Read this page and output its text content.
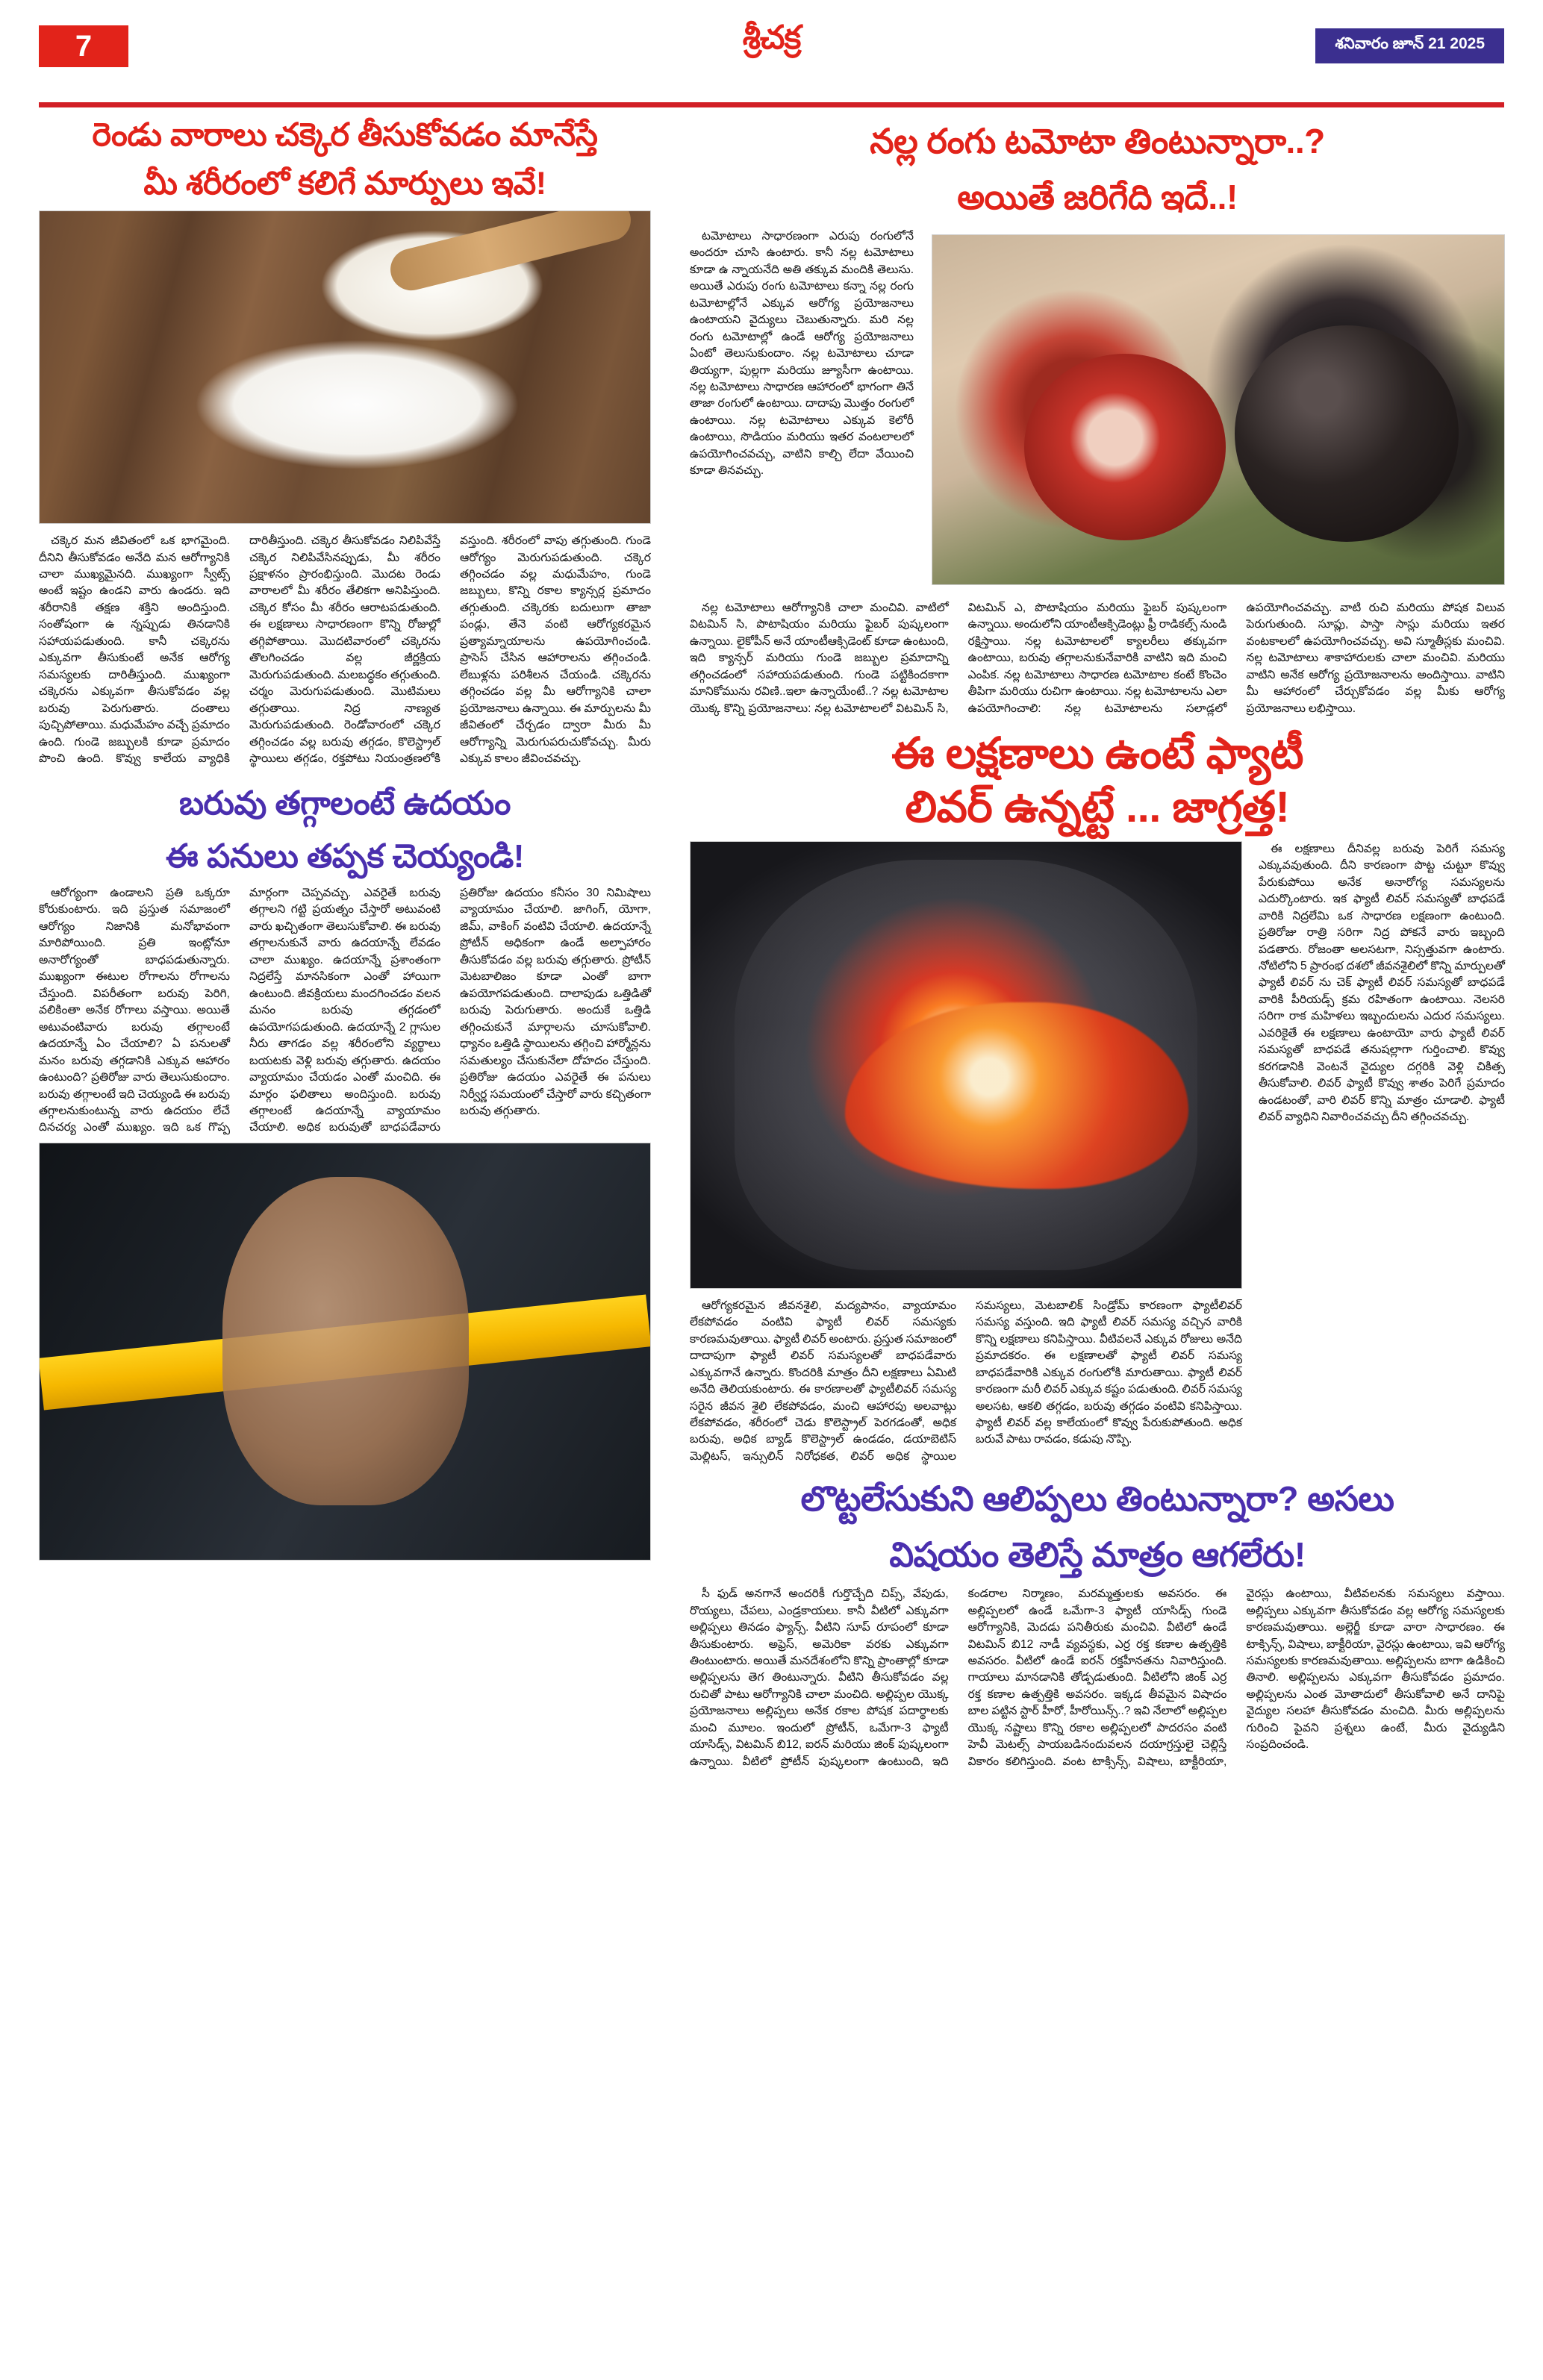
7	శ్రీచక్ర	శనివారం జూన్ 21 2025
రెండు వారాలు చక్కెర తీసుకోవడం మానేస్తే
మీ శరీరంలో కలిగే మార్పులు ఇవే!

చక్కెర మన జీవితంలో ఒక భాగమైంది. దీనిని తీసుకోవడం అనేది మన ఆరోగ్యానికి చాలా ముఖ్యమైనది. ముఖ్యంగా స్వీట్స్ అంటే ఇష్టం ఉండని వారు ఉండరు. ఇది శరీరానికి తక్షణ శక్తిని అందిస్తుంది. సంతోషంగా ఉ న్నప్పుడు తినడానికి సహాయపడుతుంది. కానీ చక్కెరను ఎక్కువగా తీసుకుంటే అనేక ఆరోగ్య సమస్యలకు దారితీస్తుంది. ముఖ్యంగా చక్కెరను ఎక్కువగా తీసుకోవడం వల్ల బరువు పెరుగుతారు. దంతాలు పుచ్చిపోతాయి. మధుమేహం వచ్చే ప్రమాదం ఉంది. గుండె జబ్బులకి కూడా ప్రమాదం పొంచి ఉంది. కొవ్వు కాలేయ వ్యాధికి దారితీస్తుంది. చక్కెర తీసుకోవడం నిలిపివేస్తే చక్కెర నిలిపివేసినప్పుడు, మీ శరీరం ప్రక్షాళనం ప్రారంభిస్తుంది. మొదట రెండు వారాలలో మీ శరీరం తేలికగా అనిపిస్తుంది. చక్కెర కోసం మీ శరీరం ఆరాటపడుతుంది. ఈ లక్షణాలు సాధారణంగా కొన్ని రోజుల్లో తగ్గిపోతాయి. మొదటివారంలో చక్కెరను తొలగించడం వల్ల జీర్ణక్రియ మెరుగుపడుతుంది. మలబద్ధకం తగ్గుతుంది. చర్మం మెరుగుపడుతుంది. మొటిమలు తగ్గుతాయి. నిద్ర నాణ్యత మెరుగుపడుతుంది. రెండోవారంలో చక్కెర తగ్గించడం వల్ల బరువు తగ్గడం, కొలెస్ట్రాల్ స్థాయిలు తగ్గడం, రక్తపోటు నియంత్రణలోకి వస్తుంది. శరీరంలో వాపు తగ్గుతుంది. గుండె ఆరోగ్యం మెరుగుపడుతుంది. చక్కెర తగ్గించడం వల్ల మధుమేహం, గుండె జబ్బులు, కొన్ని రకాల క్యాన్సర్ల ప్రమాదం తగ్గుతుంది. చక్కెరకు బదులుగా తాజా పండ్లు, తేనె వంటి ఆరోగ్యకరమైన ప్రత్యామ్నాయాలను ఉపయోగించండి. ప్రాసెస్ చేసిన ఆహారాలను తగ్గించండి. లేబుళ్లను పరిశీలన చేయండి. చక్కెరను తగ్గించడం వల్ల మీ ఆరోగ్యానికి చాలా ప్రయోజనాలు ఉన్నాయి. ఈ మార్పులను మీ జీవితంలో చేర్చడం ద్వారా మీరు మీ ఆరోగ్యాన్ని మెరుగుపరుచుకోవచ్చు. మీరు ఎక్కువ కాలం జీవించవచ్చు.

బరువు తగ్గాలంటే ఉదయం
ఈ పనులు తప్పక చెయ్యండి!

ఆరోగ్యంగా ఉండాలని ప్రతి ఒక్కరూ కోరుకుంటారు. ఇది ప్రస్తుత సమాజంలో ఆరోగ్యం నిజానికి మనోభావంగా మారిపోయింది. ప్రతి ఇంట్లోనూ అనారోగ్యంతో బాధపడుతున్నారు. ముఖ్యంగా ఈటుల రోగాలను రోగాలను చేస్తుంది. విపరీతంగా బరువు పెరిగి, వలికింతా అనేక రోగాలు వస్తాయి. అయితే అటువంటివారు బరువు తగ్గాలంటే ఉదయాన్నే ఏం చేయాలి? ఏ పనులతో మనం బరువు తగ్గడానికి ఎక్కువ ఆహారం ఉంటుంది? ప్రతిరోజు వారు తెలుసుకుందాం. బరువు తగ్గాలంటే ఇది చెయ్యండి ఈ బరువు తగ్గాలనుకుంటున్న వారు ఉదయం లేచే దినచర్య ఎంతో ముఖ్యం. ఇది ఒక గొప్ప మార్గంగా చెప్పవచ్చు. ఎవరైతే బరువు తగ్గాలని గట్టి ప్రయత్నం చేస్తారో అటువంటి వారు ఖచ్చితంగా తెలుసుకోవాలి. ఈ బరువు తగ్గాలనుకునే వారు ఉదయాన్నే లేవడం చాలా ముఖ్యం. ఉదయాన్నే ప్రశాంతంగా నిద్రలేస్తే మానసికంగా ఎంతో హాయిగా ఉంటుంది. జీవక్రియలు మందగించడం వలన మనం బరువు తగ్గడంలో ఉపయోగపడుతుంది. ఉదయాన్నే 2 గ్లాసుల నీరు తాగడం వల్ల శరీరంలోని వ్యర్థాలు బయటకు వెళ్లి బరువు తగ్గుతారు. ఉదయం వ్యాయామం చేయడం ఎంతో మంచిది. ఈ మార్గం ఫలితాలు అందిస్తుంది. బరువు తగ్గాలంటే ఉదయాన్నే వ్యాయామం చేయాలి. అధిక బరువుతో బాధపడేవారు ప్రతిరోజు ఉదయం కనీసం 30 నిమిషాలు వ్యాయామం చేయాలి. జాగింగ్, యోగా, జిమ్, వాకింగ్ వంటివి చేయాలి. ఉదయాన్నే ప్రోటీన్ అధికంగా ఉండే అల్పాహారం తీసుకోవడం వల్ల బరువు తగ్గుతారు. ప్రోటీన్ మెటబాలిజం కూడా ఎంతో బాగా ఉపయోగపడుతుంది. దాలాపుడు ఒత్తిడితో బరువు పెరుగుతారు. అందుకే ఒత్తిడి తగ్గించుకునే మార్గాలను చూసుకోవాలి. ధ్యానం ఒత్తిడి స్థాయిలను తగ్గించి హార్మోన్లను సమతుల్యం చేసుకునేలా దోహదం చేస్తుంది. ప్రతిరోజు ఉదయం ఎవరైతే ఈ పనులు నిర్వీర్ణ సమయంలో చేస్తారో వారు కచ్చితంగా బరువు తగ్గుతారు.

నల్ల రంగు టమోటా తింటున్నారా..?
అయితే జరిగేది ఇదే..!

టమోటాలు సాధారణంగా ఎరుపు రంగులోనే అందరూ చూసి ఉంటారు. కానీ నల్ల టమోటాలు కూడా ఉ న్నాయనేది అతి తక్కువ మందికి తెలుసు. అయితే ఎరుపు రంగు టమోటాలు కన్నా నల్ల రంగు టమోటాల్లోనే ఎక్కువ ఆరోగ్య ప్రయోజనాలు ఉంటాయని వైద్యులు చెబుతున్నారు. మరి నల్ల రంగు టమోటాల్లో ఉండే ఆరోగ్య ప్రయోజనాలు ఏంటో తెలుసుకుందాం. నల్ల టమోటాలు చూడా తియ్యగా, పుల్లగా మరియు జ్యూసీగా ఉంటాయి. నల్ల టమోటాలు సాధారణ ఆహారంలో భాగంగా తినే తాజా రంగులో ఉంటాయి. దాదాపు మొత్తం రంగులో ఉంటాయి. నల్ల టమోటాలు ఎక్కువ కెలోరీ ఉంటాయి, సొడియం మరియు ఇతర వంటలాలలో ఉపయోగించవచ్చు, వాటిని కాల్చి లేదా వేయించి కూడా తినవచ్చు.

నల్ల టమోటాలు ఆరోగ్యానికి చాలా మంచివి. వాటిలో విటమిన్ సి, పొటాషియం మరియు ఫైబర్ పుష్కలంగా ఉన్నాయి. లైకోపీన్ అనే యాంటీఆక్సిడెంట్ కూడా ఉంటుంది, ఇది క్యాన్సర్ మరియు గుండె జబ్బుల ప్రమాదాన్ని తగ్గించడంలో సహాయపడుతుంది. గుండె పట్టికిందకాగా మానికోమును రవిణి..ఇలా ఉన్నాయేంటే..? నల్ల టమోటాల యొక్క కొన్ని ప్రయోజనాలు: నల్ల టమోటాలలో విటమిన్ సి, విటమిన్ ఎ, పొటాషియం మరియు ఫైబర్ పుష్కలంగా ఉన్నాయి. అందులోని యాంటీఆక్సిడెంట్లు ఫ్రీ రాడికల్స్ నుండి రక్షిస్తాయి. నల్ల టమోటాలలో క్యాలరీలు తక్కువగా ఉంటాయి, బరువు తగ్గాలనుకునేవారికి వాటిని ఇది మంచి ఎంపిక. నల్ల టమోటాలు సాధారణ టమోటాల కంటే కొంచెం తీపిగా మరియు రుచిగా ఉంటాయి. నల్ల టమోటాలను ఎలా ఉపయోగించాలి: నల్ల టమోటాలను సలాడ్లలో ఉపయోగించవచ్చు. వాటి రుచి మరియు పోషక విలువ పెరుగుతుంది. సూప్లు, పాస్తా సాస్లు మరియు ఇతర వంటకాలలో ఉపయోగించవచ్చు. అవి స్మూతీస్లకు మంచివి. నల్ల టమోటాలు శాకాహారులకు చాలా మంచివి. మరియు వాటిని అనేక ఆరోగ్య ప్రయోజనాలను అందిస్తాయి. వాటిని మీ ఆహారంలో చేర్చుకోవడం వల్ల మీకు ఆరోగ్య ప్రయోజనాలు లభిస్తాయి.

ఈ లక్షణాలు ఉంటే ఫ్యాటీ
లివర్ ఉన్నట్టే ... జాగ్రత్త!

ఆరోగ్యకరమైన జీవనశైలి, మద్యపానం, వ్యాయామం లేకపోవడం వంటివి ఫ్యాటీ లివర్ సమస్యకు కారణమవుతాయి. ఫ్యాటీ లివర్ అంటారు. ప్రస్తుత సమాజంలో దాదాపుగా ఫ్యాటీ లివర్ సమస్యలతో బాధపడేవారు ఎక్కువగానే ఉన్నారు. కొందరికి మాత్రం దీని లక్షణాలు ఏమిటి అనేది తెలియకుంటారు. ఈ కారణాలతో ఫ్యాటీలివర్ సమస్య సరైన జీవన శైలి లేకపోవడం, మంచి ఆహారపు అలవాట్లు లేకపోవడం, శరీరంలో చెడు కొలెస్ట్రాల్ పెరగడంతో, అధిక బరువు, అధిక బ్యాడ్ కొలెస్ట్రాల్ ఉండడం, డయాబెటిస్ మెల్లిటస్, ఇన్సులిన్ నిరోధకత, లివర్ అధిక స్థాయిల సమస్యలు, మెటబాలిక్ సిండ్రోమ్ కారణంగా ఫ్యాటీలివర్ సమస్య వస్తుంది. ఇది ఫ్యాటీ లివర్ సమస్య వచ్చిన వారికి కొన్ని లక్షణాలు కనిపిస్తాయి. వీటివలనే ఎక్కువ రోజులు అనేది ప్రమాదకరం. ఈ లక్షణాలతో ఫ్యాటీ లివర్ సమస్య బాధపడేవారికి ఎక్కువ రంగులోకి మారుతాయి. ఫ్యాటీ లివర్ కారణంగా మరీ లివర్ ఎక్కువ కష్టం పడుతుంది. లివర్ సమస్య అలసట, ఆకలి తగ్గడం, బరువు తగ్గడం వంటివి కనిపిస్తాయి. ఫ్యాటీ లివర్ వల్ల కాలేయంలో కొవ్వు పేరుకుపోతుంది. అధిక బరువే పాటు రావడం, కడుపు నొప్పి.

ఈ లక్షణాలు దీనివల్ల బరువు పెరిగే సమస్య ఎక్కువవుతుంది. దీని కారణంగా పొట్ట చుట్టూ కొవ్వు పేరుకుపోయి అనేక అనారోగ్య సమస్యలను ఎదుర్కొంటారు. ఇక ఫ్యాటీ లివర్ సమస్యతో బాధపడే వారికి నిద్రలేమి ఒక సాధారణ లక్షణంగా ఉంటుంది. ప్రతిరోజు రాత్రి సరిగా నిద్ర పోకనే వారు ఇబ్బంది పడతారు. రోజంతా అలసటగా, నిస్సత్తువగా ఉంటారు. నోటిలోని 5 ప్రారంభ దశలో జీవనశైలిలో కొన్ని మార్పులతో ఫ్యాటీ లివర్ ను చెక్ ఫ్యాటీ లివర్ సమస్యతో బాధపడే వారికి పీరియడ్స్ క్రమ రహితంగా ఉంటాయి. నెలసరి సరిగా రాక మహిళలు ఇబ్బందులను ఎదుర సమస్యలు. ఎవరికైతే ఈ లక్షణాలు ఉంటాయో వారు ఫ్యాటీ లివర్ సమస్యతో బాధపడే తనుషల్లాగా గుర్తించాలి. కొవ్వు కరగడానికి వెంటనే వైద్యుల దగ్గరికి వెళ్లి చికిత్స తీసుకోవాలి. లివర్ ఫ్యాటీ కొవ్వు శాతం పెరిగే ప్రమాదం ఉండటంతో, వారి లివర్ కొన్ని మాత్రం చూడాలి. ఫ్యాటీ లివర్ వ్యాధిని నివారించవచ్చు దీని తగ్గించవచ్చు.

లొట్టలేసుకుని ఆలిప్పలు తింటున్నారా? అసలు
విషయం తెలిస్తే మాత్రం ఆగలేరు!

సీ ఫుడ్ అనగానే అందరికీ గుర్తొచ్చేది చిప్స్, వేపుడు, రొయ్యలు, చేపలు, ఎండ్రకాయలు. కానీ వీటిలో ఎక్కువగా అల్లిప్పలు తినడం ఫ్యాన్స్. వీటిని సూప్ రూపంలో కూడా తీసుకుంటారు. అఫ్రెస్, అమెరికా వరకు ఎక్కువగా తింటుంటారు. అయితే మనదేశంలోని కొన్ని ప్రాంతాల్లో కూడా అల్లిప్పలను తెగ తింటున్నారు. వీటిని తీసుకోవడం వల్ల రుచితో పాటు ఆరోగ్యానికి చాలా మంచిది. అల్లిప్పల యొక్క ప్రయోజనాలు అల్లిప్పలు అనేక రకాల పోషక పదార్థాలకు మంచి మూలం. ఇందులో ప్రోటీన్, ఒమేగా-3 ఫ్యాటీ యాసిడ్స్, విటమిన్ బి12, ఐరన్ మరియు జింక్ పుష్కలంగా ఉన్నాయి. వీటిలో ప్రోటీన్ పుష్కలంగా ఉంటుంది, ఇది కండరాల నిర్మాణం, మరమ్మత్తులకు అవసరం. ఈ అల్లిప్పలలో ఉండే ఒమేగా-3 ఫ్యాటీ యాసిడ్స్ గుండె ఆరోగ్యానికి, మెదడు పనితీరుకు మంచివి. వీటిలో ఉండే విటమిన్ బి12 నాడీ వ్యవస్థకు, ఎర్ర రక్త కణాల ఉత్పత్తికి అవసరం. వీటిలో ఉండే ఐరన్ రక్తహీనతను నివారిస్తుంది. గాయాలు మానడానికి తోడ్పడుతుంది. వీటిలోని జింక్ ఎర్ర రక్త కణాల ఉత్పత్తికి అవసరం. ఇక్కడ తీవమైన విషాదం బాల పట్టిన స్టార్ హీరో, హీరోయిన్స్..? ఇవి నేలాలో అల్లిప్పల యొక్క నష్టాలు కొన్ని రకాల అల్లిప్పలలో పాదరసం వంటి హెవీ మెటల్స్ పాయబడినందువలన దయాగ్రస్తులై చెల్లిస్తే వికారం కలిగిస్తుంది. వంట టాక్సిన్స్, విషాలు, బాక్టీరియా, వైరస్లు ఉంటాయి, వీటివలనకు సమస్యలు వస్తాయి. అల్లిప్పలు ఎక్కువగా తీసుకోవడం వల్ల ఆరోగ్య సమస్యలకు కారణమవుతాయి. అల్లెర్జీ కూడా వారా సాధారణం. ఈ టాక్సిన్స్, విషాలు, బాక్టీరియా, వైరస్లు ఉంటాయి, ఇవి ఆరోగ్య సమస్యలకు కారణమవుతాయి. అల్లిప్పలను బాగా ఉడికించి తినాలి. అల్లిప్పలను ఎక్కువగా తీసుకోవడం ప్రమాదం. అల్లిప్పలను ఎంత మోతాదులో తీసుకోవాలి అనే దానిపై వైద్యుల సలహా తీసుకోవడం మంచిది. మీరు అల్లిప్పలను గురించి పైవని ప్రశ్నలు ఉంటే, మీరు వైద్యుడిని సంప్రదించండి.
